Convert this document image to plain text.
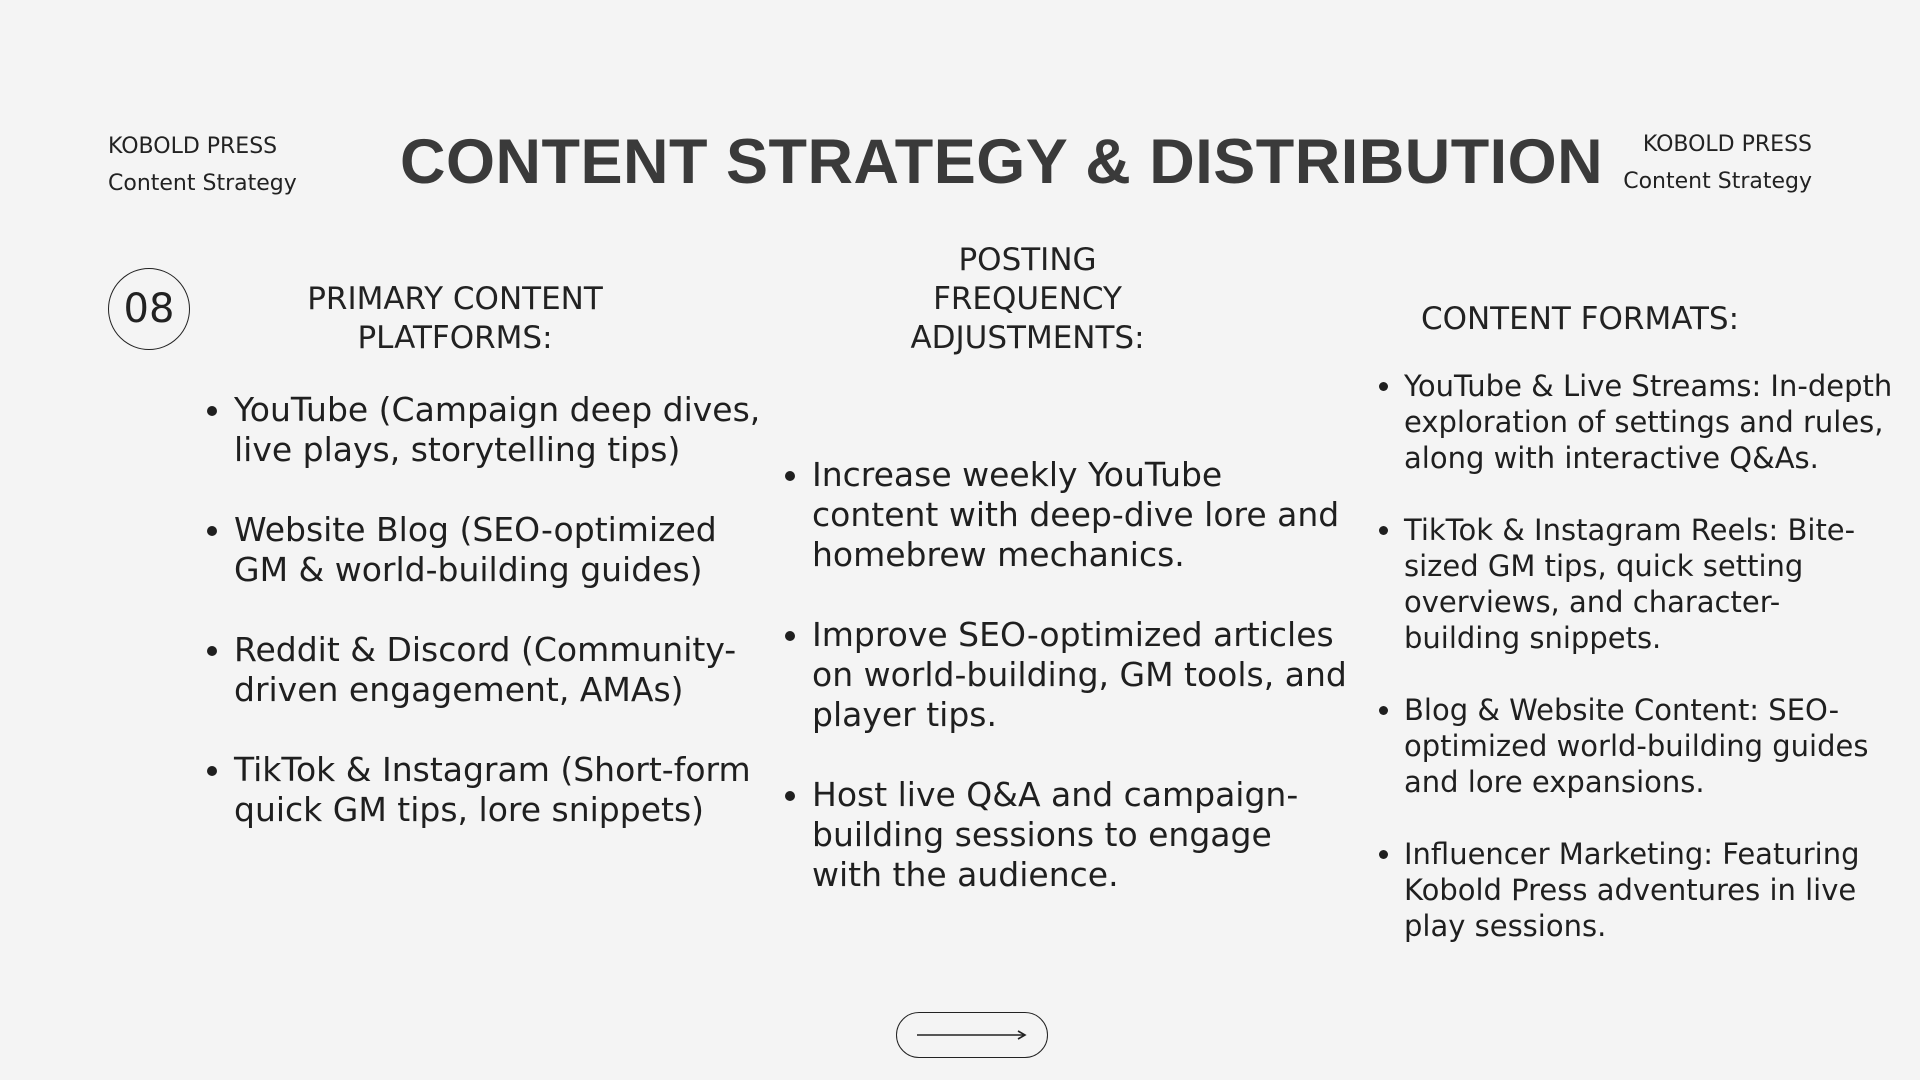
KOBOLD PRESS
Content Strategy CONTENT STRATEGY & DISTRIBUTION	KOBOLD PRESS
Content Strategy
08	PRIMARY CONTENT
PLATFORMS:
• YouTube (Campaign deep dives, live plays, storytelling tips)
• Website Blog (SEO-optimized GM & world-building guides)
• Reddit & Discord (Community-driven engagement, AMAs)
• TikTok & Instagram (Short-form quick GM tips, lore snippets)
POSTING
FREQUENCY
ADJUSTMENTS:
• Increase weekly YouTube content with deep-dive lore and homebrew mechanics.
• Improve SEO-optimized articles on world-building, GM tools, and player tips.
• Host live Q&A and campaign-building sessions to engage with the audience.
CONTENT FORMATS:
• YouTube & Live Streams: In-depth exploration of settings and rules, along with interactive Q&As.
• TikTok & Instagram Reels: Bite-sized GM tips, quick setting overviews, and character-building snippets.
• Blog & Website Content: SEO-optimized world-building guides and lore expansions.
• Influencer Marketing: Featuring Kobold Press adventures in live play sessions.
